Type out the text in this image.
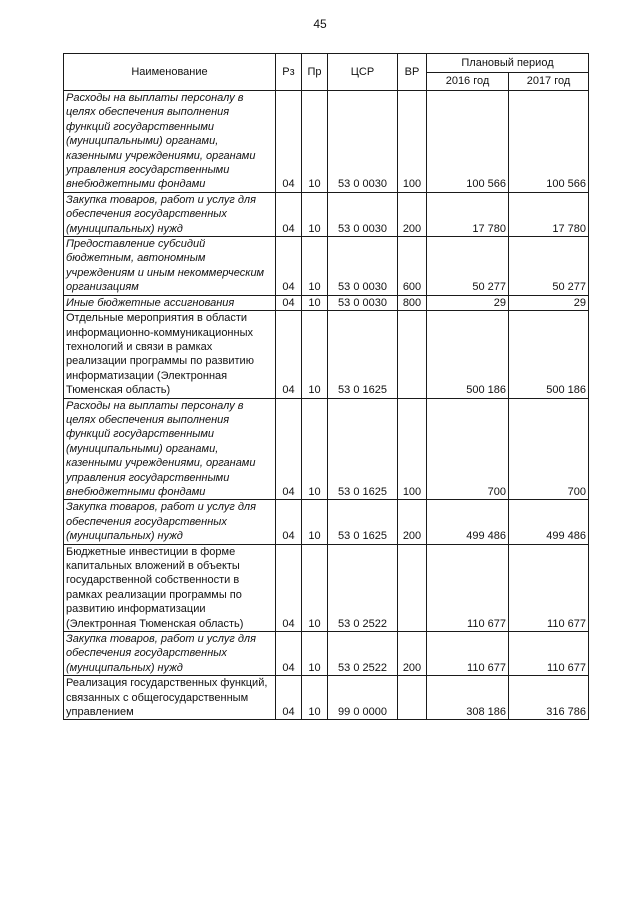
45
Наименование	Рз	Пр	ЦСР	ВР	Плановый период	
					2016 год	2017 год
Расходы на выплаты персоналу в целях обеспечения выполнения функций государственными (муниципальными) органами, казенными учреждениями, органами управления государственными внебюджетными фондами	04	10	53 0 0030	100	100 566	100 566
Закупка товаров, работ и услуг для обеспечения государственных (муниципальных) нужд	04	10	53 0 0030	200	17 780	17 780
Предоставление субсидий бюджетным, автономным учреждениям и иным некоммерческим организациям	04	10	53 0 0030	600	50 277	50 277
Иные бюджетные ассигнования	04	10	53 0 0030	800	29	29
Отдельные мероприятия в области информационно-коммуникационных технологий и связи в рамках реализации программы по развитию информатизации (Электронная Тюменская область)	04	10	53 0 1625		500 186	500 186
Расходы на выплаты персоналу в целях обеспечения выполнения функций государственными (муниципальными) органами, казенными учреждениями, органами управления государственными внебюджетными фондами	04	10	53 0 1625	100	700	700
Закупка товаров, работ и услуг для обеспечения государственных (муниципальных) нужд	04	10	53 0 1625	200	499 486	499 486
Бюджетные инвестиции в форме капитальных вложений в объекты государственной собственности в рамках реализации программы по развитию информатизации (Электронная Тюменская область)	04	10	53 0 2522		110 677	110 677
Закупка товаров, работ и услуг для обеспечения государственных (муниципальных) нужд	04	10	53 0 2522	200	110 677	110 677
Реализация государственных функций, связанных с общегосударственным управлением	04	10	99 0 0000		308 186	316 786
